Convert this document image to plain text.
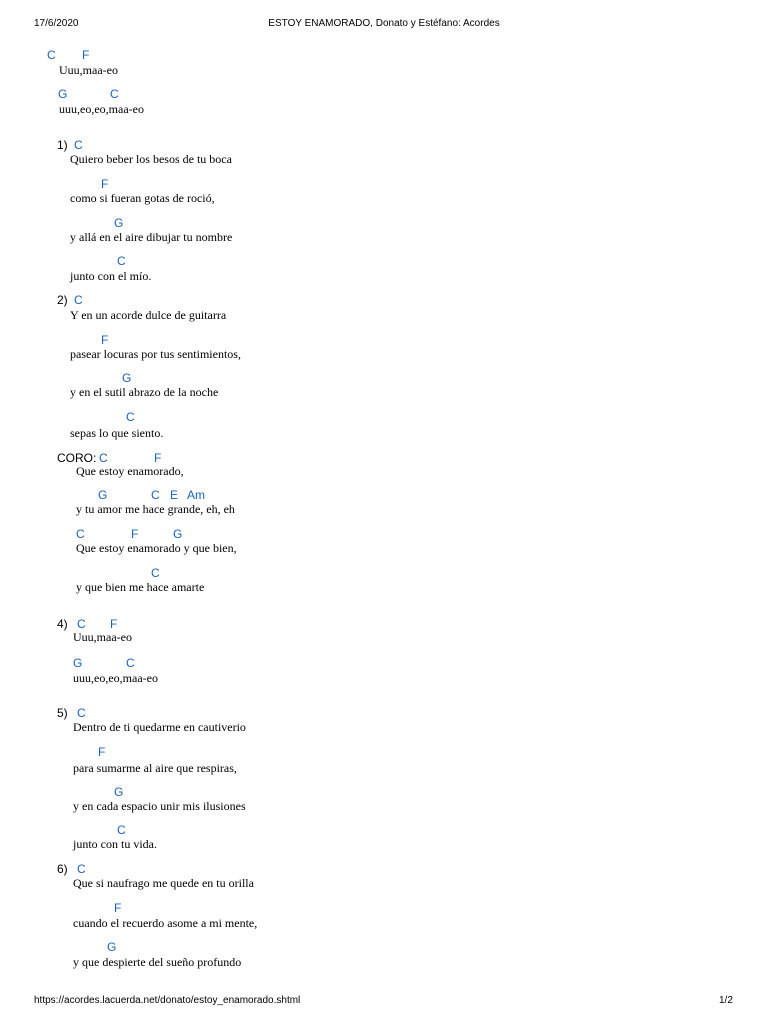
17/6/2020	ESTOY ENAMORADO, Donato y Estéfano: Acordes
C F
Uuu,maa-eo
G	C
uuu,eo,eo,maa-eo
1) C
Quiero beber los besos de tu boca
F
como si fueran gotas de roció,
G
y allá en el aire dibujar tu nombre
C
junto con el mío.
2) C
Y en un acorde dulce de guitarra
F
pasear locuras por tus sentimientos,
G
y en el sutil abrazo de la noche
C
sepas lo que siento.
CORO: C	F
Que estoy enamorado,
G	C E Am
y tu amor me hace grande, eh, eh
C	F	G
Que estoy enamorado y que bien,
C
y que bien me hace amarte
4) C F
Uuu,maa-eo
G	C
uuu,eo,eo,maa-eo
5) C
Dentro de ti quedarme en cautiverio
F
para sumarme al aire que respiras,
G
y en cada espacio unir mis ilusiones
C
junto con tu vida.
6) C
Que si naufrago me quede en tu orilla
F
cuando el recuerdo asome a mi mente,
G
y que despierte del sueño profundo
https://acordes.lacuerda.net/donato/estoy_enamorado.shtml	1/2
